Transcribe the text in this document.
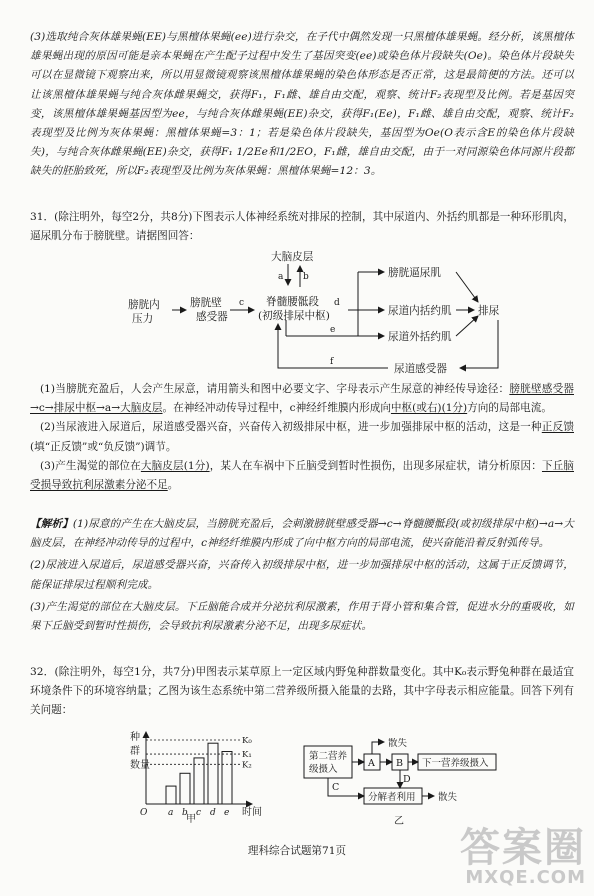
(3)选取纯合灰体雄果蝇(EE)与黑檀体果蝇(ee)进行杂交，在子代中偶然发现一只黑檀体雄果蝇。经分析，该黑檀体雄果蝇出现的原因可能是亲本果蝇在产生配子过程中发生了基因突变(ee)或染色体片段缺失(Oe)。染色体片段缺失可以在显微镜下观察出来，所以用显微镜观察该黑檀体雄果蝇的染色体形态是否正常，这是最简便的方法。还可以让该黑檀体雄果蝇与纯合灰体雌果蝇交，获得F₁，F₁雌、雄自由交配，观察、统计F₂表现型及比例。若是基因突变，该黑檀体雄果蝇基因型为ee，与纯合灰体雌果蝇(EE)杂交，获得F₁(Ee)，F₁雌、雄自由交配，观察、统计F₂表现型及比例为灰体果蝇：黑檀体果蝇=3：1；若是染色体片段缺失，基因型为Oe(O表示含E的染色体片段缺失)，与纯合灰体雌果蝇(EE)杂交，获得F₁ 1/2Ee和1/2EO，F₁雌，雄自由交配，由于一对同源染色体同源片段都缺失的胚胎致死，所以F₂表现型及比例为灰体果蝇：黑檀体果蝇=12：3。

31．(除注明外，每空2分，共8分)下图表示人体神经系统对排尿的控制，其中尿道内、外括约肌都是一种环形肌肉，逼尿肌分布于膀胱壁。请据图回答：

大脑皮层
a b
膀胱内
压力
膀胱壁
感受器
c 脊髓腰骶段
(初级排尿中枢)
d
膀胱逼尿肌
尿道内括约肌
e
尿道外括约肌
排尿
尿道感受器
f

(1)当膀胱充盈后，人会产生尿意，请用箭头和图中必要文字、字母表示产生尿意的神经传导途径：膀胱壁感受器→c→排尿中枢→a→大脑皮层。在神经冲动传导过程中，c神经纤维膜内形成向中枢(或右)(1分)方向的局部电流。

(2)当尿液进入尿道后，尿道感受器兴奋，兴奋传入初级排尿中枢，进一步加强排尿中枢的活动，这是一种正反馈(填“正反馈”或“负反馈”)调节。

(3)产生渴觉的部位在大脑皮层(1分)，某人在车祸中下丘脑受到暂时性损伤，出现多尿症状，请分析原因：下丘脑受损导致抗利尿激素分泌不足。

【解析】(1)尿意的产生在大脑皮层，当膀胱充盈后，会刺激膀胱壁感受器→c→脊髓腰骶段(或初级排尿中枢)→a→大脑皮层，在神经冲动传导的过程中，c神经纤维膜内形成了向中枢方向的局部电流，使兴奋能沿着反射弧传导。

(2)尿液进入尿道后，尿道感受器兴奋，兴奋传入初级排尿中枢，进一步加强排尿中枢的活动，这属于正反馈调节，能保证排尿过程顺利完成。

(3)产生渴觉的部位在大脑皮层。下丘脑能合成并分泌抗利尿激素，作用于肾小管和集合管，促进水分的重吸收，如果下丘脑受到暂时性损伤，会导致抗利尿激素分泌不足，出现多尿症状。

32．(除注明外，每空1分，共7分)甲图表示某草原上一定区域内野兔种群数量变化。其中K₀表示野兔种群在最适宜环境条件下的环境容纳量；乙图为该生态系统中第二营养级所摄入能量的去路，其中字母表示相应能量。回答下列有关问题：

种
群
数量
K₀
K₁
K₂
O a b c d e 时间
甲
第二营养
级摄入
A
散失
B 下一营养级摄入
D
C
分解者利用 散失
乙
理科综合试题第71页	答案圈
MXQE.COM
